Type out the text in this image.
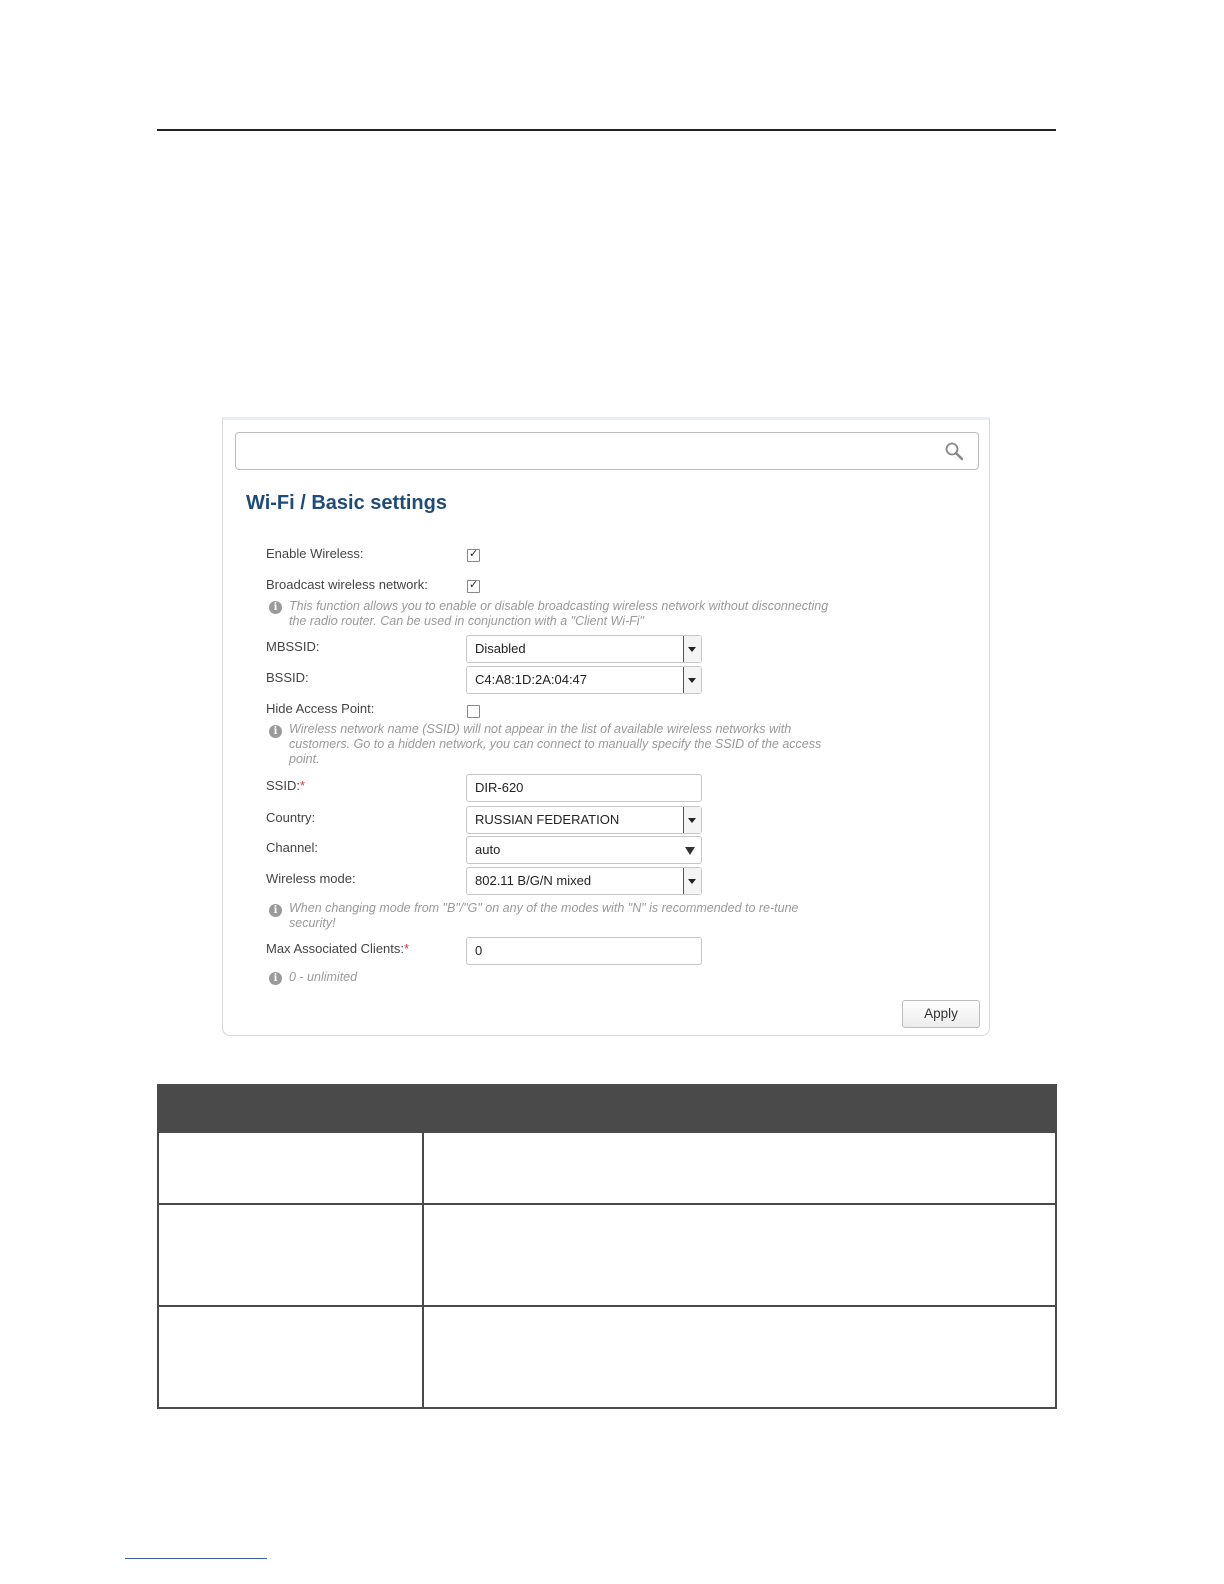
Wi-Fi / Basic settings
Enable Wireless:	✓
Broadcast wireless network:	✓
i This function allows you to enable or disable broadcasting wireless network without disconnecting the radio router. Can be used in conjunction with a "Client Wi-Fi"
MBSSID:	Disabled
BSSID:	C4:A8:1D:2A:04:47
Hide Access Point:
i Wireless network name (SSID) will not appear in the list of available wireless networks with customers. Go to a hidden network, you can connect to manually specify the SSID of the access point.
SSID:*	DIR-620
Country:	RUSSIAN FEDERATION
Channel:	auto
Wireless mode:	802.11 B/G/N mixed
i When changing mode from "B"/"G" on any of the modes with "N" is recommended to re-tune security!
Max Associated Clients:*	0
i 0 - unlimited
Apply
